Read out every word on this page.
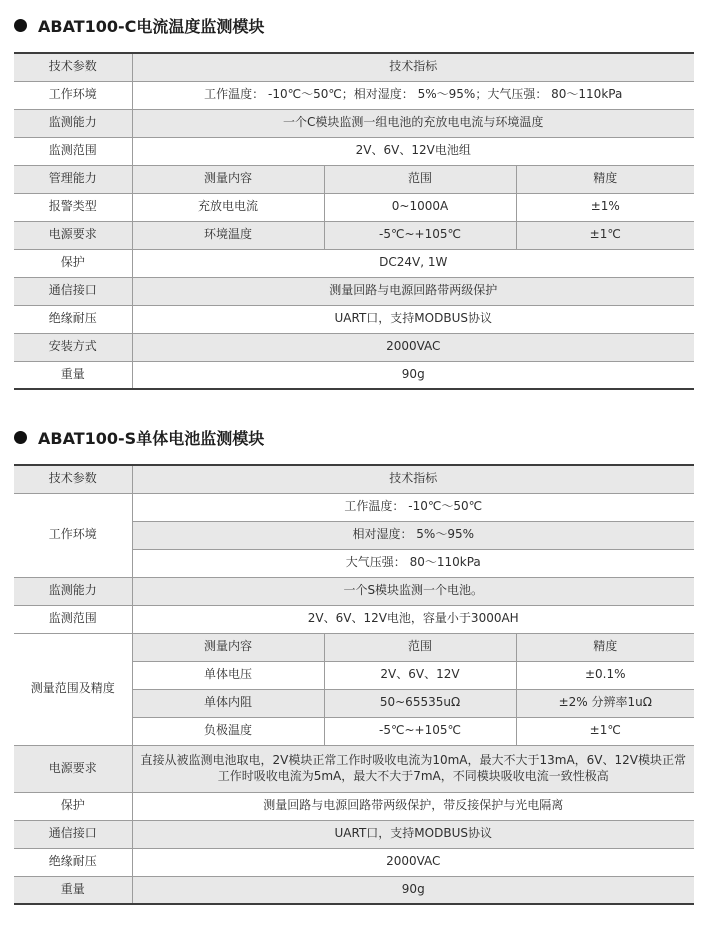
ABAT100-C电流温度监测模块
技术参数	技术指标		
工作环境	工作温度： -10℃～50℃；相对湿度： 5%～95%；大气压强： 80～110kPa		
监测能力	一个C模块监测一组电池的充放电电流与环境温度		
监测范围	2V、6V、12V电池组		
管理能力	测量内容	范围	精度
报警类型	充放电电流	0~1000A	±1%
电源要求	环境温度	-5℃~+105℃	±1℃
保护	DC24V, 1W		
通信接口	测量回路与电源回路带两级保护		
绝缘耐压	UART口，支持MODBUS协议		
安装方式	2000VAC		
重量	90g		
ABAT100-S单体电池监测模块
技术参数	技术指标		
工作环境	工作温度： -10℃～50℃		
	相对湿度： 5%～95%		
	大气压强： 80～110kPa		
监测能力	一个S模块监测一个电池。		
监测范围	2V、6V、12V电池，容量小于3000AH		
测量范围及精度	测量内容	范围	精度
	单体电压	2V、6V、12V	±0.1%
	单体内阻	50~65535uΩ	±2% 分辨率1uΩ
	负极温度	-5℃~+105℃	±1℃
电源要求	直接从被监测电池取电，2V模块正常工作时吸收电流为10mA，最大不大于13mA，6V、12V模块正常工作时吸收电流为5mA，最大不大于7mA，不同模块吸收电流一致性极高		
保护	测量回路与电源回路带两级保护，带反接保护与光电隔离		
通信接口	UART口，支持MODBUS协议		
绝缘耐压	2000VAC		
重量	90g		
